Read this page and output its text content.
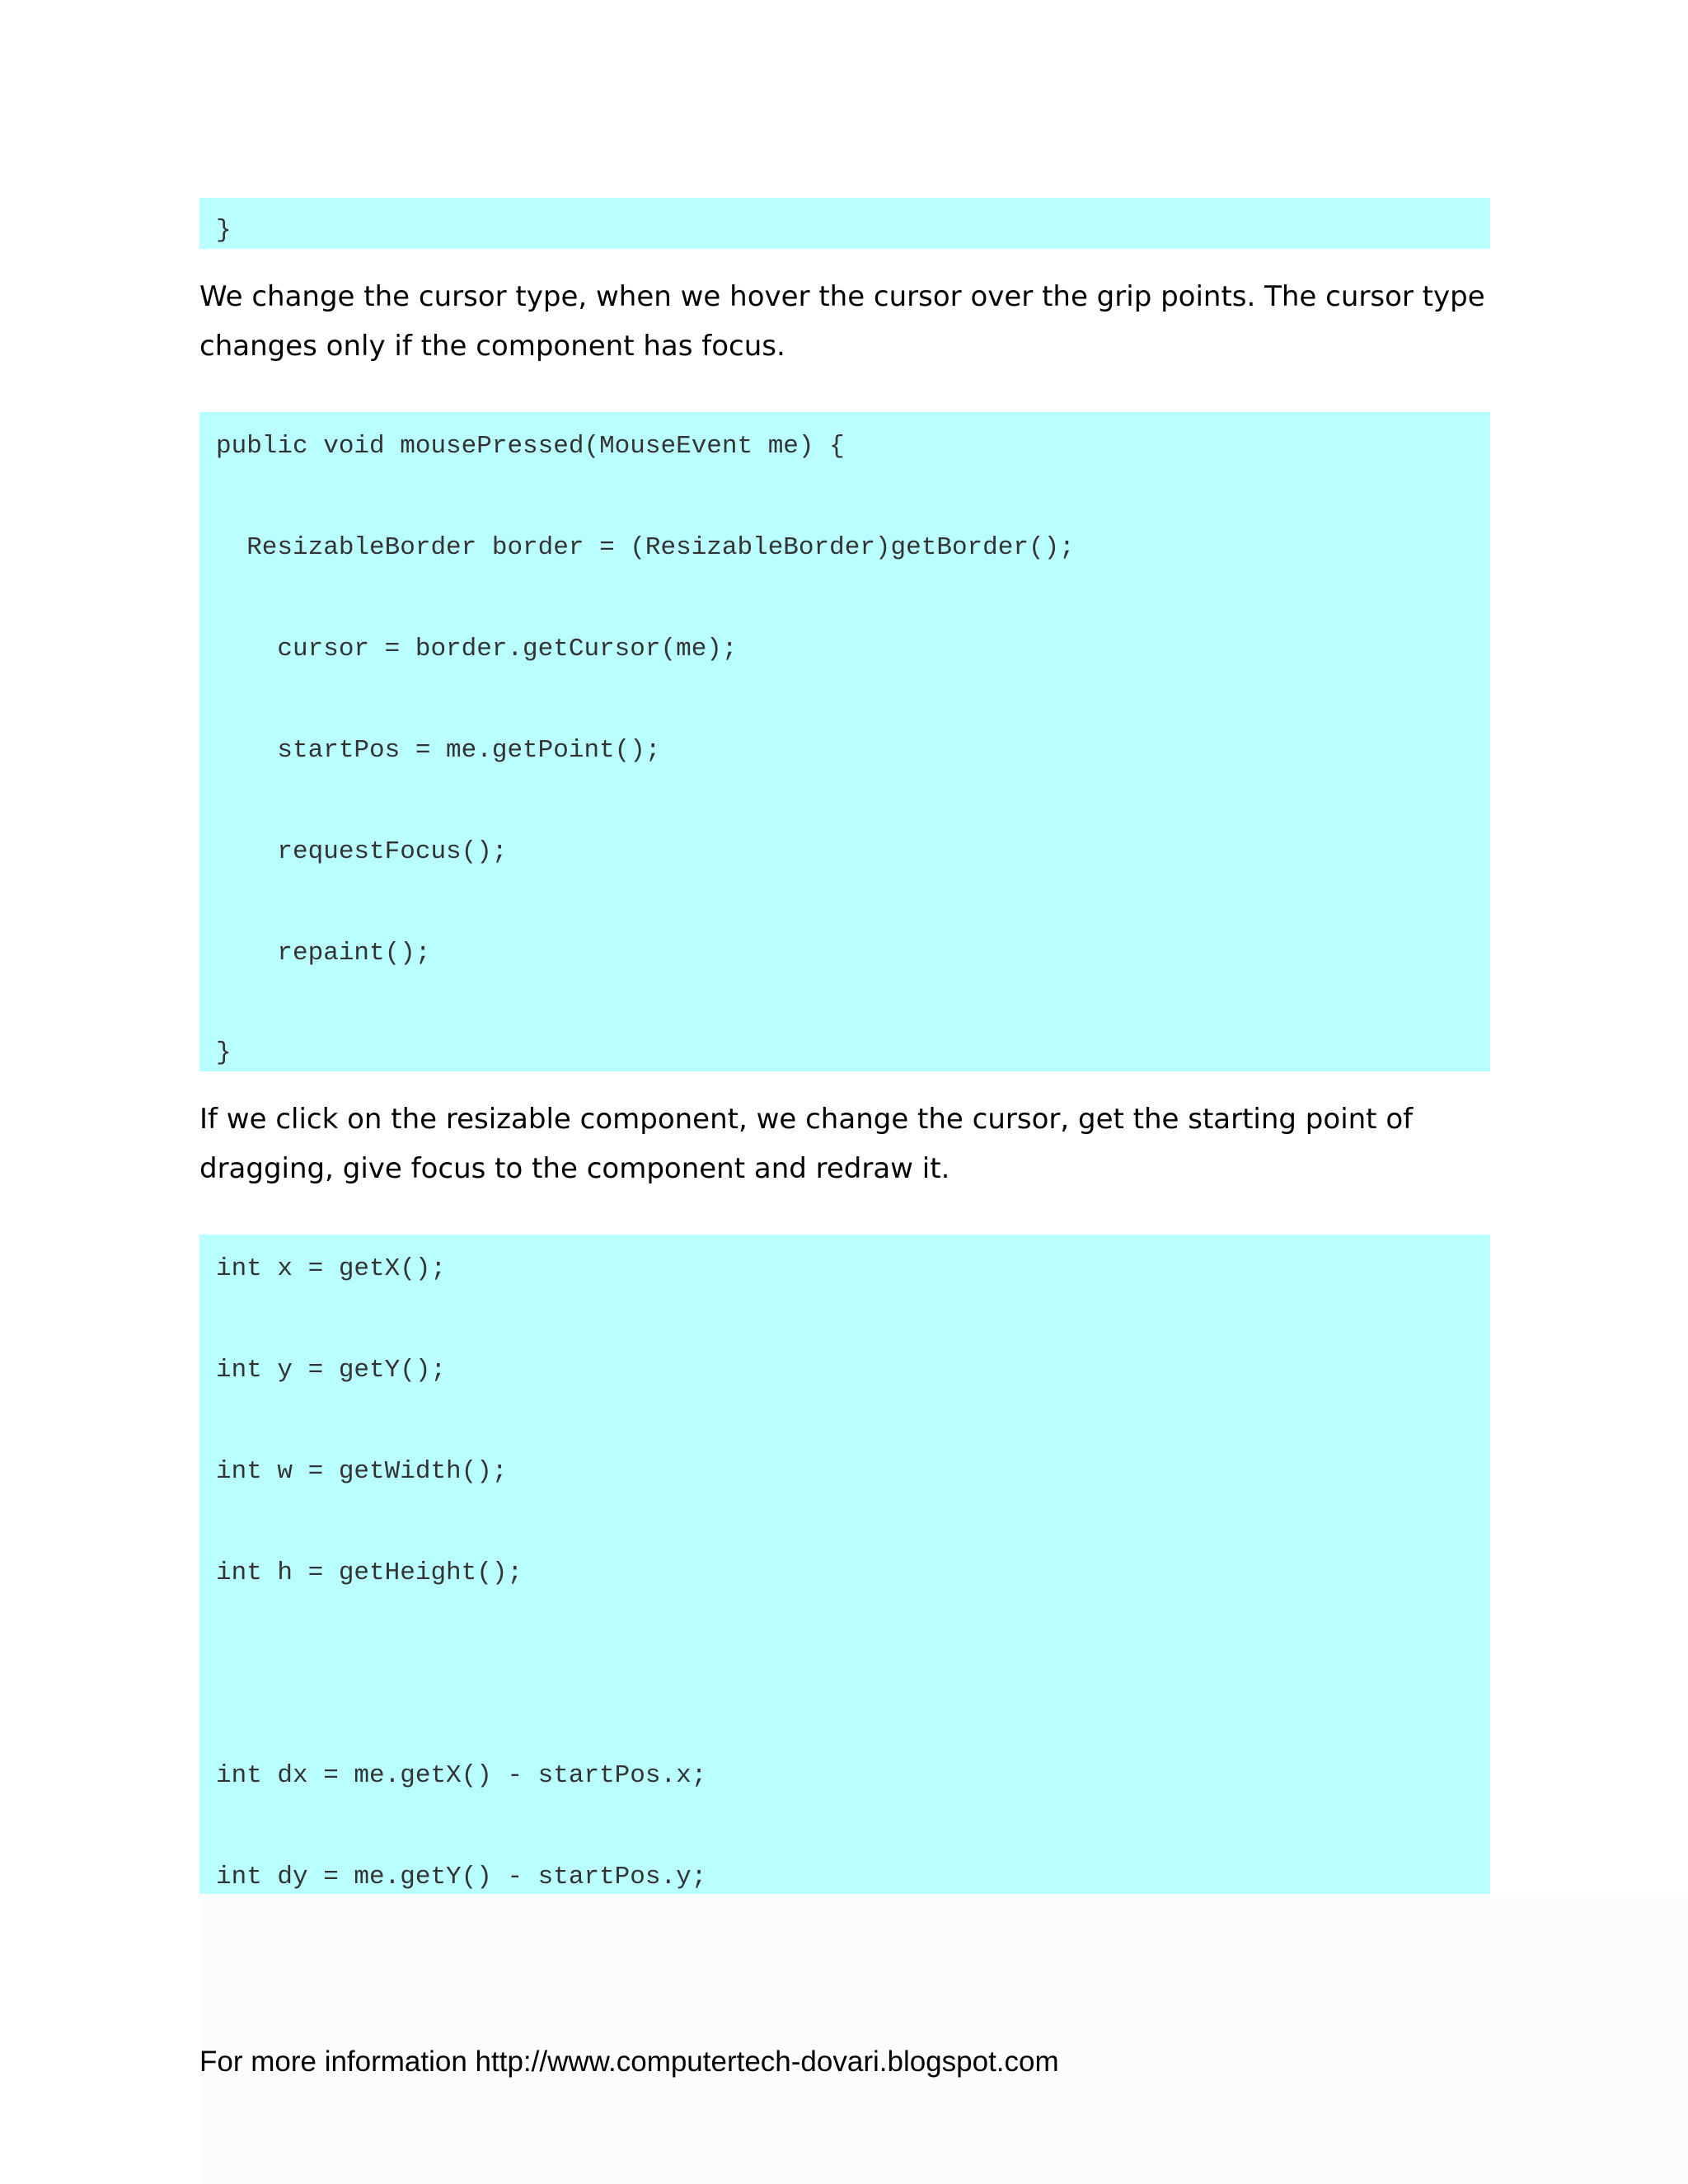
}

We change the cursor type, when we hover the cursor over the grip points. The cursor type changes only if the component has focus.

public void mousePressed(MouseEvent me) {
ResizableBorder border = (ResizableBorder)getBorder();
cursor = border.getCursor(me);
startPos = me.getPoint();
requestFocus();
repaint();
}

If we click on the resizable component, we change the cursor, get the starting point of dragging, give focus to the component and redraw it.

int x = getX();
int y = getY();
int w = getWidth();
int h = getHeight();
int dx = me.getX() - startPos.x;
int dy = me.getY() - startPos.y;
For more information http://www.computertech-dovari.blogspot.com
